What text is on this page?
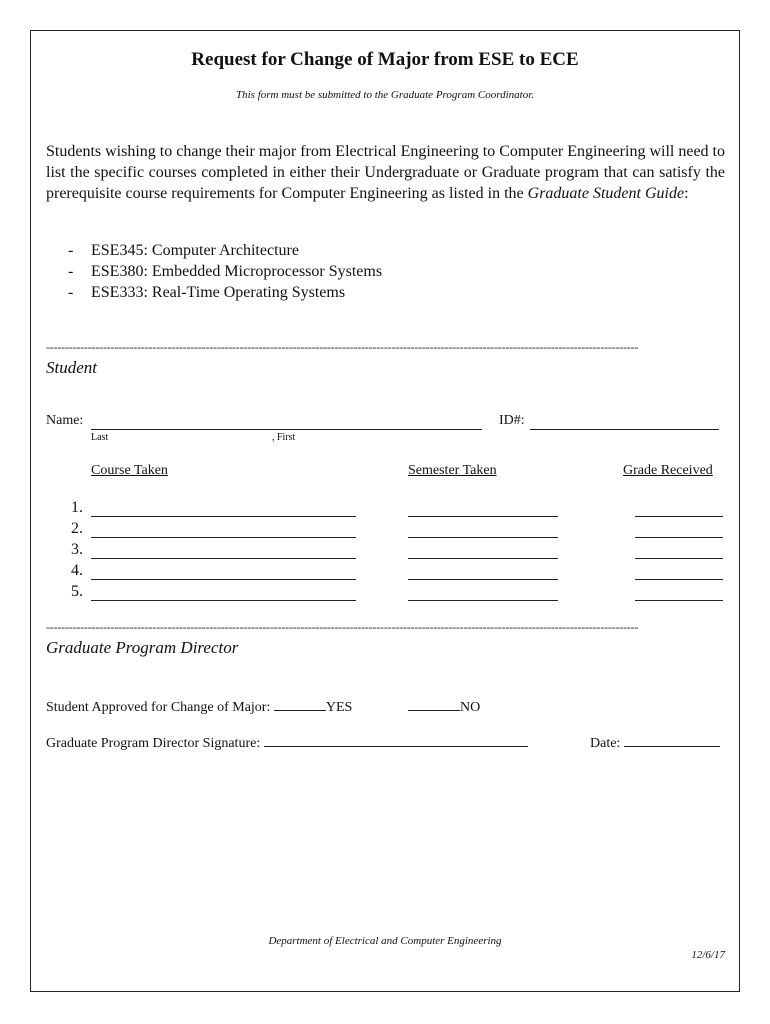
Request for Change of Major from ESE to ECE
This form must be submitted to the Graduate Program Coordinator.
Students wishing to change their major from Electrical Engineering to Computer Engineering will need to list the specific courses completed in either their Undergraduate or Graduate program that can satisfy the prerequisite course requirements for Computer Engineering as listed in the Graduate Student Guide:
- ESE345: Computer Architecture
- ESE380: Embedded Microprocessor Systems
- ESE333: Real-Time Operating Systems
------------------------------------------------------------------------------------------------------------------------------------------------------------
Student
Name:
Last	, First
ID#:
Course Taken	Semester Taken	Grade Received
1.
2.
3.
4.
5.
------------------------------------------------------------------------------------------------------------------------------------------------------------
Graduate Program Director
Student Approved for Change of Major:	YES	NO
Graduate Program Director Signature:	Date:
Department of Electrical and Computer Engineering
12/6/17
